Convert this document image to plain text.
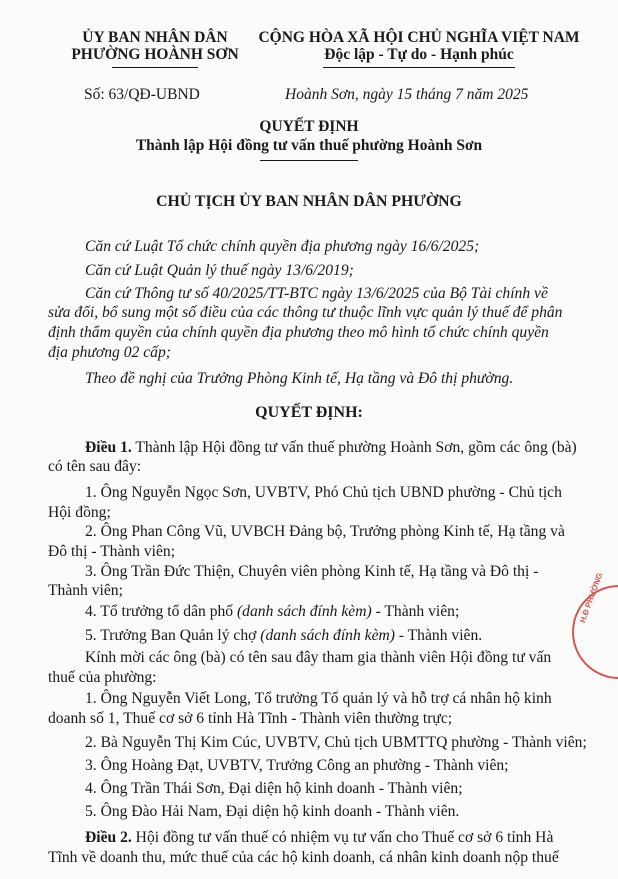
ỦY BAN NHÂN DÂN
PHƯỜNG HOÀNH SƠN
CỘNG HÒA XÃ HỘI CHỦ NGHĨA VIỆT NAM
Độc lập - Tự do - Hạnh phúc
Số: 63/QĐ-UBND	Hoành Sơn, ngày 15 tháng 7 năm 2025
QUYẾT ĐỊNH
Thành lập Hội đồng tư vấn thuế phường Hoành Sơn
CHỦ TỊCH ỦY BAN NHÂN DÂN PHƯỜNG
Căn cứ Luật Tổ chức chính quyền địa phương ngày 16/6/2025;
Căn cứ Luật Quản lý thuế ngày 13/6/2019;
Căn cứ Thông tư số 40/2025/TT-BTC ngày 13/6/2025 của Bộ Tài chính về
sửa đổi, bổ sung một số điều của các thông tư thuộc lĩnh vực quản lý thuế để phân
định thẩm quyền của chính quyền địa phương theo mô hình tổ chức chính quyền
địa phương 02 cấp;
Theo đề nghị của Trưởng Phòng Kinh tế, Hạ tầng và Đô thị phường.
QUYẾT ĐỊNH:
Điều 1. Thành lập Hội đồng tư vấn thuế phường Hoành Sơn, gồm các ông (bà)
có tên sau đây:
1. Ông Nguyễn Ngọc Sơn, UVBTV, Phó Chủ tịch UBND phường - Chủ tịch
Hội đồng;
2. Ông Phan Công Vũ, UVBCH Đảng bộ, Trưởng phòng Kinh tế, Hạ tầng và
Đô thị - Thành viên;
3. Ông Trần Đức Thiện, Chuyên viên phòng Kinh tế, Hạ tầng và Đô thị -
Thành viên;
4. Tổ trưởng tổ dân phố (danh sách đính kèm) - Thành viên;
5. Trưởng Ban Quản lý chợ (danh sách đính kèm) - Thành viên.
Kính mời các ông (bà) có tên sau đây tham gia thành viên Hội đồng tư vấn
thuế của phường:
1. Ông Nguyễn Viết Long, Tổ trưởng Tổ quản lý và hỗ trợ cá nhân hộ kinh
doanh số 1, Thuế cơ sở 6 tỉnh Hà Tĩnh - Thành viên thường trực;
2. Bà Nguyễn Thị Kim Cúc, UVBTV, Chủ tịch UBMTTQ phường - Thành viên;
3. Ông Hoàng Đạt, UVBTV, Trưởng Công an phường - Thành viên;
4. Ông Trần Thái Sơn, Đại diện hộ kinh doanh - Thành viên;
5. Ông Đào Hải Nam, Đại diện hộ kinh doanh - Thành viên.
Điều 2. Hội đồng tư vấn thuế có nhiệm vụ tư vấn cho Thuế cơ sở 6 tỉnh Hà
Tĩnh về doanh thu, mức thuế của các hộ kinh doanh, cá nhân kinh doanh nộp thuế
H.Đ PHƯỜNG
